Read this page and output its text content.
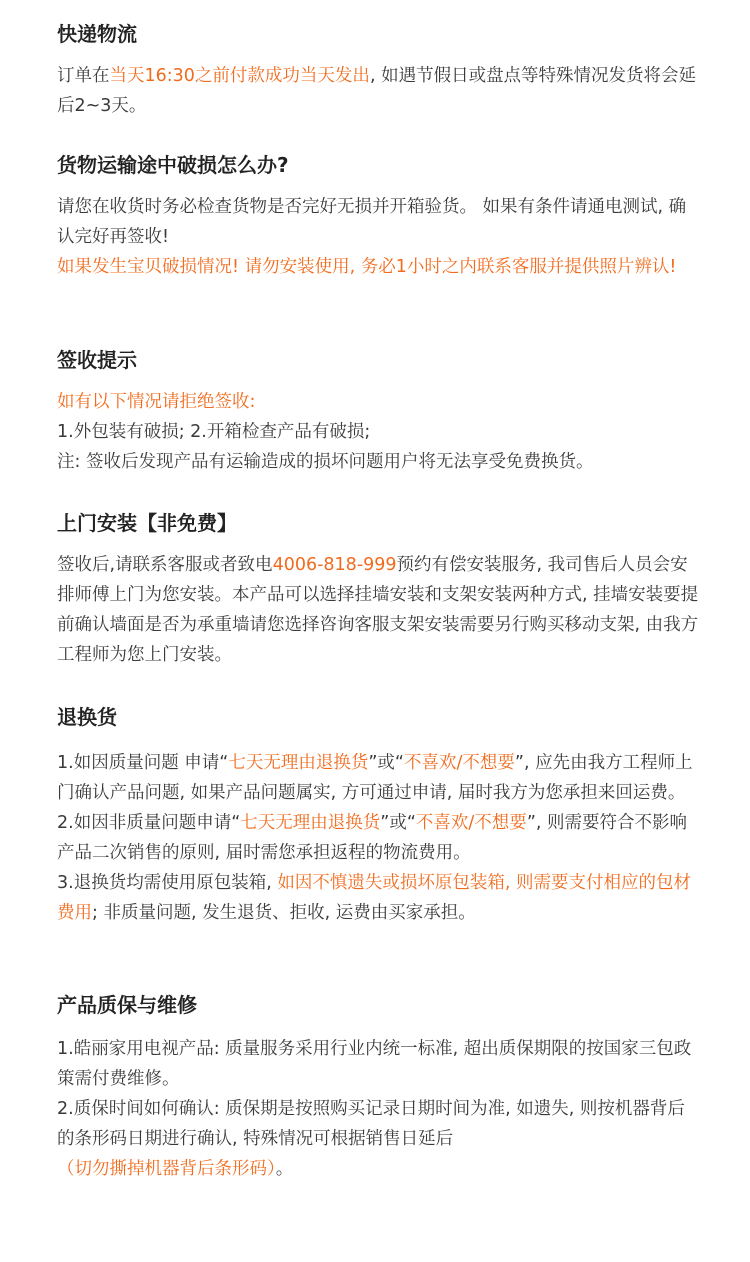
快递物流

订单在当天16:30之前付款成功当天发出, 如遇节假日或盘点等特殊情况发货将会延后2~3天。

货物运输途中破损怎么办?

请您在收货时务必检查货物是否完好无损并开箱验货。 如果有条件请通电测试, 确认完好再签收!

如果发生宝贝破损情况! 请勿安装使用, 务必1小时之内联系客服并提供照片辨认!

签收提示

如有以下情况请拒绝签收:

1.外包装有破损; 2.开箱检查产品有破损;

注: 签收后发现产品有运输造成的损坏问题用户将无法享受免费换货。

上门安装【非免费】

签收后,请联系客服或者致电4006-818-999预约有偿安装服务, 我司售后人员会安排师傅上门为您安装。本产品可以选择挂墙安装和支架安装两种方式, 挂墙安装要提前确认墙面是否为承重墙请您选择咨询客服支架安装需要另行购买移动支架, 由我方工程师为您上门安装。

退换货

1.如因质量问题 申请“七天无理由退换货”或“不喜欢/不想要”, 应先由我方工程师上门确认产品问题, 如果产品问题属实, 方可通过申请, 届时我方为您承担来回运费。

2.如因非质量问题申请“七天无理由退换货”或“不喜欢/不想要”, 则需要符合不影响产品二次销售的原则, 届时需您承担返程的物流费用。

3.退换货均需使用原包装箱, 如因不慎遗失或损坏原包装箱, 则需要支付相应的包材费用; 非质量问题, 发生退货、拒收, 运费由买家承担。

产品质保与维修

1.皓丽家用电视产品: 质量服务采用行业内统一标准, 超出质保期限的按国家三包政策需付费维修。

2.质保时间如何确认: 质保期是按照购买记录日期时间为准, 如遗失, 则按机器背后的条形码日期进行确认, 特殊情况可根据销售日延后

（切勿撕掉机器背后条形码）。
